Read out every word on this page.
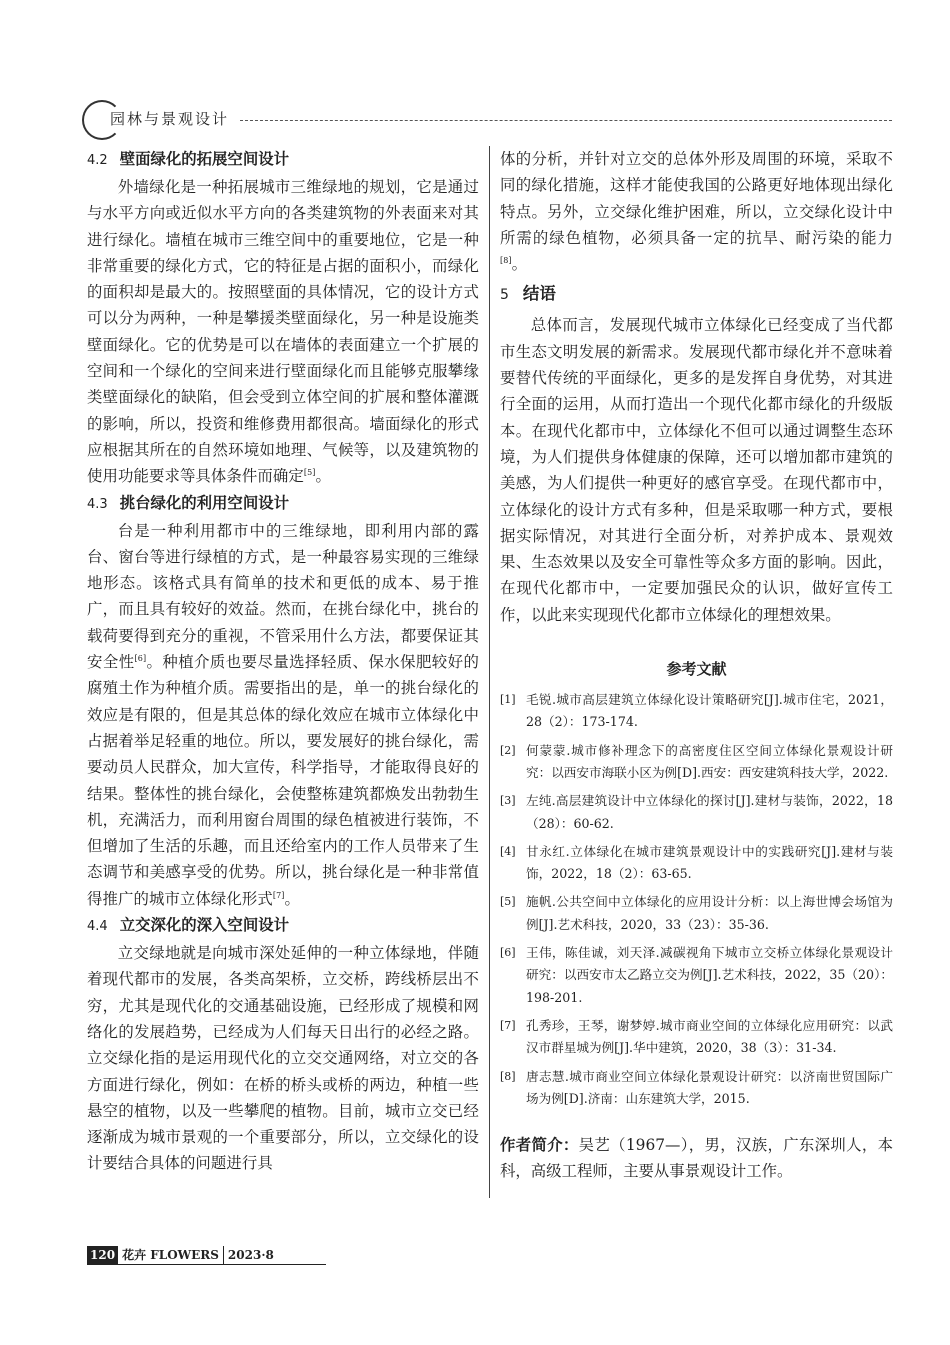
园林与景观设计
4.2 壁面绿化的拓展空间设计

外墙绿化是一种拓展城市三维绿地的规划，它是通过与水平方向或近似水平方向的各类建筑物的外表面来对其进行绿化。墙植在城市三维空间中的重要地位，它是一种非常重要的绿化方式，它的特征是占据的面积小，而绿化的面积却是最大的。按照壁面的具体情况，它的设计方式可以分为两种，一种是攀援类壁面绿化，另一种是设施类壁面绿化。它的优势是可以在墙体的表面建立一个扩展的空间和一个绿化的空间来进行壁面绿化而且能够克服攀缘类壁面绿化的缺陷，但会受到立体空间的扩展和整体灌溉的影响，所以，投资和维修费用都很高。墙面绿化的形式应根据其所在的自然环境如地理、气候等，以及建筑物的使用功能要求等具体条件而确定[5]。

4.3 挑台绿化的利用空间设计

台是一种利用都市中的三维绿地，即利用内部的露台、窗台等进行绿植的方式，是一种最容易实现的三维绿地形态。该格式具有简单的技术和更低的成本、易于推广，而且具有较好的效益。然而，在挑台绿化中，挑台的载荷要得到充分的重视，不管采用什么方法，都要保证其安全性[6]。种植介质也要尽量选择轻质、保水保肥较好的腐殖土作为种植介质。需要指出的是，单一的挑台绿化的效应是有限的，但是其总体的绿化效应在城市立体绿化中占据着举足轻重的地位。所以，要发展好的挑台绿化，需要动员人民群众，加大宣传，科学指导，才能取得良好的结果。整体性的挑台绿化，会使整栋建筑都焕发出勃勃生机，充满活力，而利用窗台周围的绿色植被进行装饰，不但增加了生活的乐趣，而且还给室内的工作人员带来了生态调节和美感享受的优势。所以，挑台绿化是一种非常值得推广的城市立体绿化形式[7]。

4.4 立交深化的深入空间设计

立交绿地就是向城市深处延伸的一种立体绿地，伴随着现代都市的发展，各类高架桥，立交桥，跨线桥层出不穷，尤其是现代化的交通基础设施，已经形成了规模和网络化的发展趋势，已经成为人们每天日出行的必经之路。立交绿化指的是运用现代化的立交交通网络，对立交的各方面进行绿化，例如：在桥的桥头或桥的两边，种植一些悬空的植物，以及一些攀爬的植物。目前，城市立交已经逐渐成为城市景观的一个重要部分，所以，立交绿化的设计要结合具体的问题进行具

体的分析，并针对立交的总体外形及周围的环境，采取不同的绿化措施，这样才能使我国的公路更好地体现出绿化特点。另外，立交绿化维护困难，所以，立交绿化设计中所需的绿色植物，必须具备一定的抗旱、耐污染的能力[8]。

5 结语

总体而言，发展现代城市立体绿化已经变成了当代都市生态文明发展的新需求。发展现代都市绿化并不意味着要替代传统的平面绿化，更多的是发挥自身优势，对其进行全面的运用，从而打造出一个现代化都市绿化的升级版本。在现代化都市中，立体绿化不但可以通过调整生态环境，为人们提供身体健康的保障，还可以增加都市建筑的美感，为人们提供一种更好的感官享受。在现代都市中，立体绿化的设计方式有多种，但是采取哪一种方式，要根据实际情况，对其进行全面分析，对养护成本、景观效果、生态效果以及安全可靠性等众多方面的影响。因此，在现代化都市中，一定要加强民众的认识，做好宣传工作，以此来实现现代化都市立体绿化的理想效果。

参考文献
[1] 毛锐.城市高层建筑立体绿化设计策略研究[J].城市住宅，2021，28（2）：173-174.
[2] 何蒙蒙.城市修补理念下的高密度住区空间立体绿化景观设计研究：以西安市海联小区为例[D].西安：西安建筑科技大学，2022.
[3] 左纯.高层建筑设计中立体绿化的探讨[J].建材与装饰，2022，18（28）：60-62.
[4] 甘永红.立体绿化在城市建筑景观设计中的实践研究[J].建材与装饰，2022，18（2）：63-65.
[5] 施帆.公共空间中立体绿化的应用设计分析：以上海世博会场馆为例[J].艺术科技，2020，33（23）：35-36.
[6] 王伟，陈佳诚，刘天泽.减碳视角下城市立交桥立体绿化景观设计研究：以西安市太乙路立交为例[J].艺术科技，2022，35（20）：198-201.
[7] 孔秀珍，王琴，谢梦婷.城市商业空间的立体绿化应用研究：以武汉市群星城为例[J].华中建筑，2020，38（3）：31-34.
[8] 唐志慧.城市商业空间立体绿化景观设计研究：以济南世贸国际广场为例[D].济南：山东建筑大学，2015.
作者简介：吴艺（1967—），男，汉族，广东深圳人，本科，高级工程师，主要从事景观设计工作。
120 花卉 FLOWERS 2023·8
